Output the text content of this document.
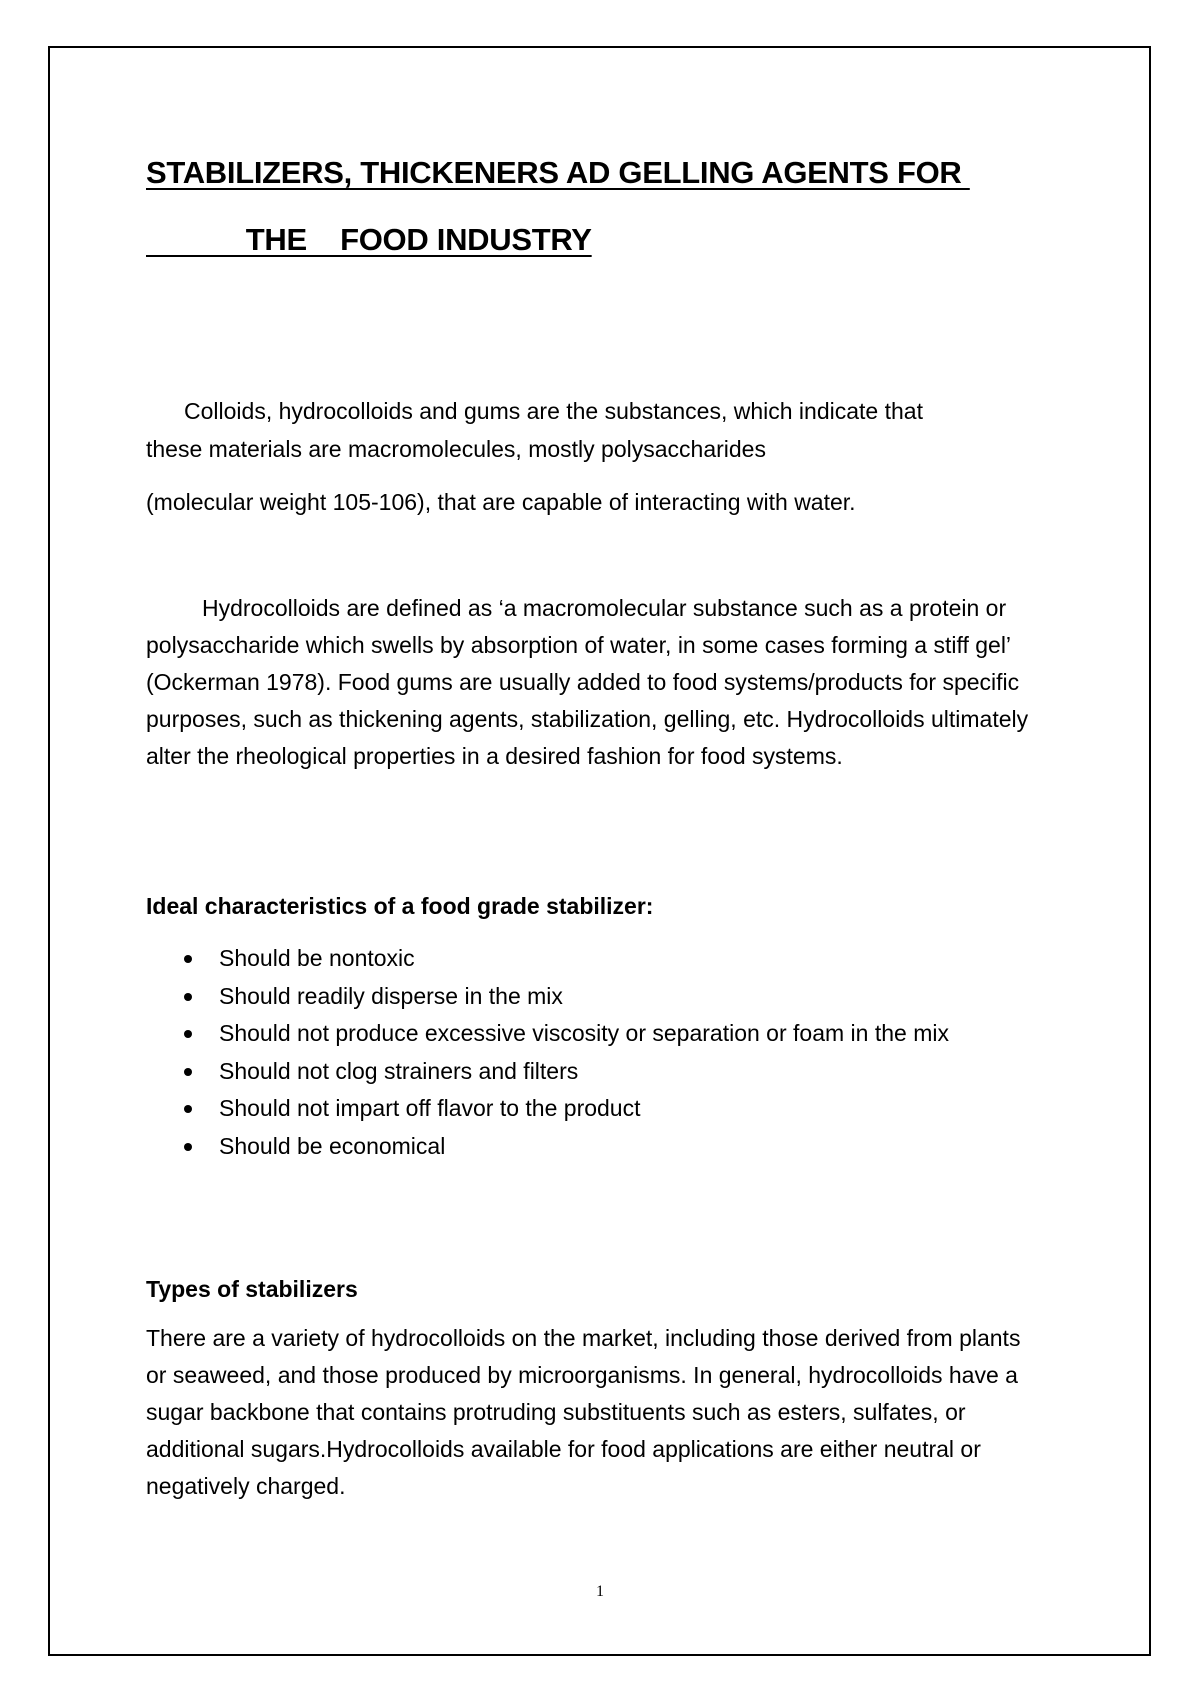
STABILIZERS, THICKENERS AD GELLING AGENTS FOR
THE    FOOD INDUSTRY

Colloids, hydrocolloids and gums are the substances, which indicate that

these materials are macromolecules, mostly polysaccharides

(molecular weight 105-106), that are capable of interacting with water.

Hydrocolloids are defined as ‘a macromolecular substance such as a protein or polysaccharide which swells by absorption of water, in some cases forming a stiff gel’ (Ockerman 1978). Food gums are usually added to food systems/products for specific purposes, such as thickening agents, stabilization, gelling, etc. Hydrocolloids ultimately alter the rheological properties in a desired fashion for food systems.

Ideal characteristics of a food grade stabilizer:
Should be nontoxic
Should readily disperse in the mix
Should not produce excessive viscosity or separation or foam in the mix
Should not clog strainers and filters
Should not impart off flavor to the product
Should be economical
Types of stabilizers

There are a variety of hydrocolloids on the market, including those derived from plants or seaweed, and those produced by microorganisms. In general, hydrocolloids have a sugar backbone that contains protruding substituents such as esters, sulfates, or additional sugars.Hydrocolloids available for food applications are either neutral or negatively charged.

1
